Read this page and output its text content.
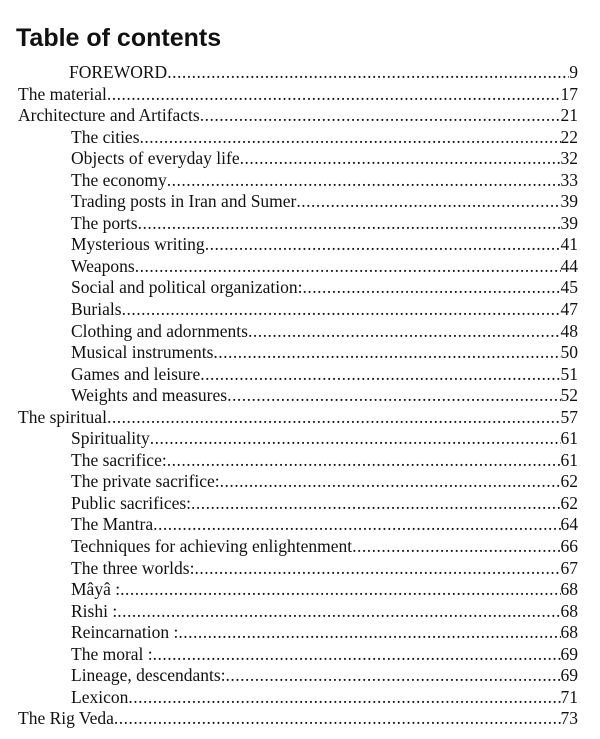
Table of contents
FOREWORD .....	9
The material .....	17
Architecture and Artifacts .....	21
The cities .....	22
Objects of everyday life .....	32
The economy .....	33
Trading posts in Iran and Sumer .....	39
The ports .....	39
Mysterious writing .....	41
Weapons .....	44
Social and political organization: .....	45
Burials .....	47
Clothing and adornments .....	48
Musical instruments .....	50
Games and leisure .....	51
Weights and measures .....	52
The spiritual .....	57
Spirituality .....	61
The sacrifice: .....	61
The private sacrifice: .....	62
Public sacrifices: .....	62
The Mantra .....	64
Techniques for achieving enlightenment .....	66
The three worlds: .....	67
Mâyâ : .....	68
Rishi : .....	68
Reincarnation : .....	68
The moral : .....	69
Lineage, descendants: .....	69
Lexicon .....	71
The Rig Veda .....	73
